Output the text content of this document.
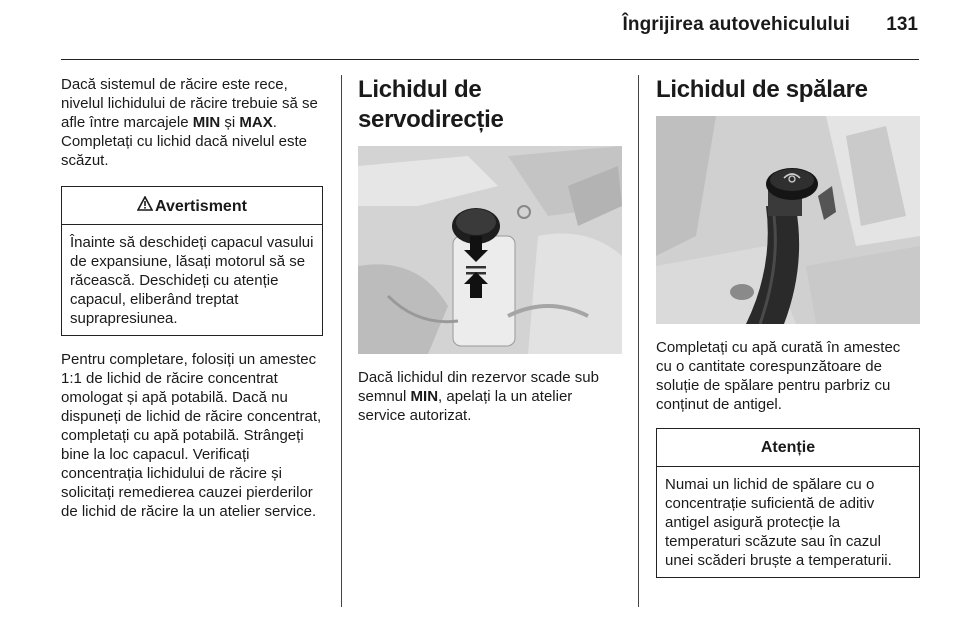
Îngrijirea autovehiculului 131

Dacă sistemul de răcire este rece, nivelul lichidului de răcire trebuie să se afle între marcajele MIN și MAX. Completați cu lichid dacă nivelul este scăzut.

Avertisment
Înainte să deschideți capacul vasului de expansiune, lăsați motorul să se răcească. Deschideți cu atenție capacul, eliberând treptat suprapresiunea.

Pentru completare, folosiți un amestec 1:1 de lichid de răcire concentrat omologat și apă potabilă. Dacă nu dispuneți de lichid de răcire concentrat, completați cu apă potabilă. Strângeți bine la loc capacul. Verificați concentrația lichidului de răcire și solicitați remedierea cauzei pierderilor de lichid de răcire la un atelier service.

Lichidul de servodirecție

Dacă lichidul din rezervor scade sub semnul MIN, apelați la un atelier service autorizat.

Lichidul de spălare

Completați cu apă curată în amestec cu o cantitate corespunzătoare de soluție de spălare pentru parbriz cu conținut de antigel.

Atenție
Numai un lichid de spălare cu o concentrație suficientă de aditiv antigel asigură protecție la temperaturi scăzute sau în cazul unei scăderi bruște a temperaturii.
